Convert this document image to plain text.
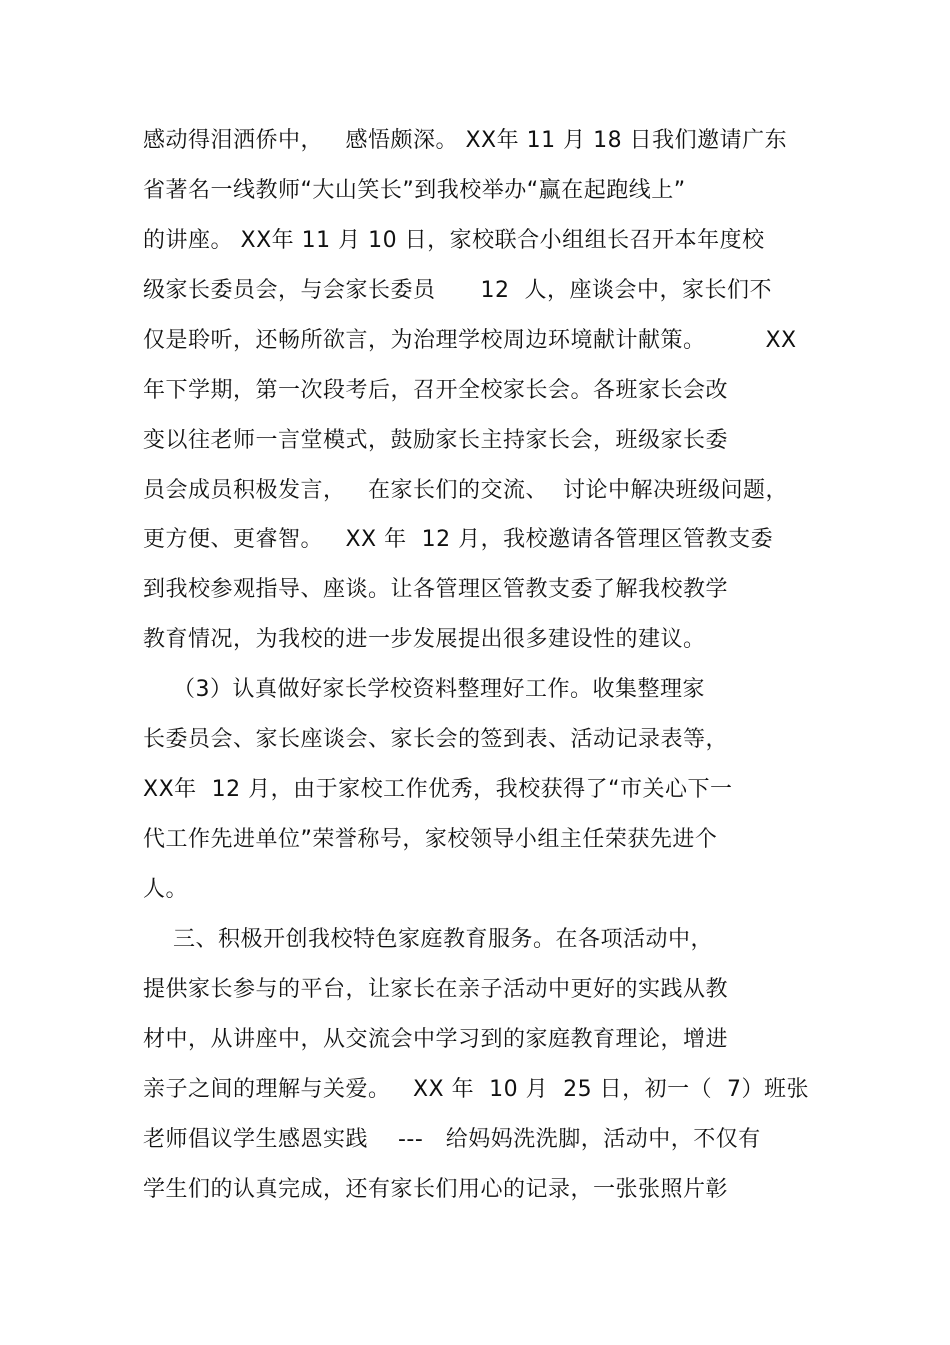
感动得泪洒侨中，   感悟颇深。 XX年 11 月 18 日我们邀请广东
省著名一线教师“大山笑长”到我校举办“赢在起跑线上”
的讲座。 XX年 11 月 10 日，家校联合小组组长召开本年度校
级家长委员会，与会家长委员      12  人，座谈会中，家长们不
仅是聆听，还畅所欲言，为治理学校周边环境献计献策。        XX
年下学期，第一次段考后，召开全校家长会。各班家长会改
变以往老师一言堂模式，鼓励家长主持家长会，班级家长委
员会成员积极发言，   在家长们的交流、  讨论中解决班级问题，
更方便、更睿智。   XX 年  12 月，我校邀请各管理区管教支委
到我校参观指导、座谈。让各管理区管教支委了解我校教学
教育情况，为我校的进一步发展提出很多建设性的建议。
（3）认真做好家长学校资料整理好工作。收集整理家
长委员会、家长座谈会、家长会的签到表、活动记录表等，
XX年  12 月，由于家校工作优秀，我校获得了“市关心下一
代工作先进单位”荣誉称号，家校领导小组主任荣获先进个
人。
三、积极开创我校特色家庭教育服务。在各项活动中，
提供家长参与的平台，让家长在亲子活动中更好的实践从教
材中，从讲座中，从交流会中学习到的家庭教育理论，增进
亲子之间的理解与关爱。   XX 年  10 月  25 日，初一（  7）班张
老师倡议学生感恩实践    ---   给妈妈洗洗脚，活动中，不仅有
学生们的认真完成，还有家长们用心的记录，一张张照片彰
